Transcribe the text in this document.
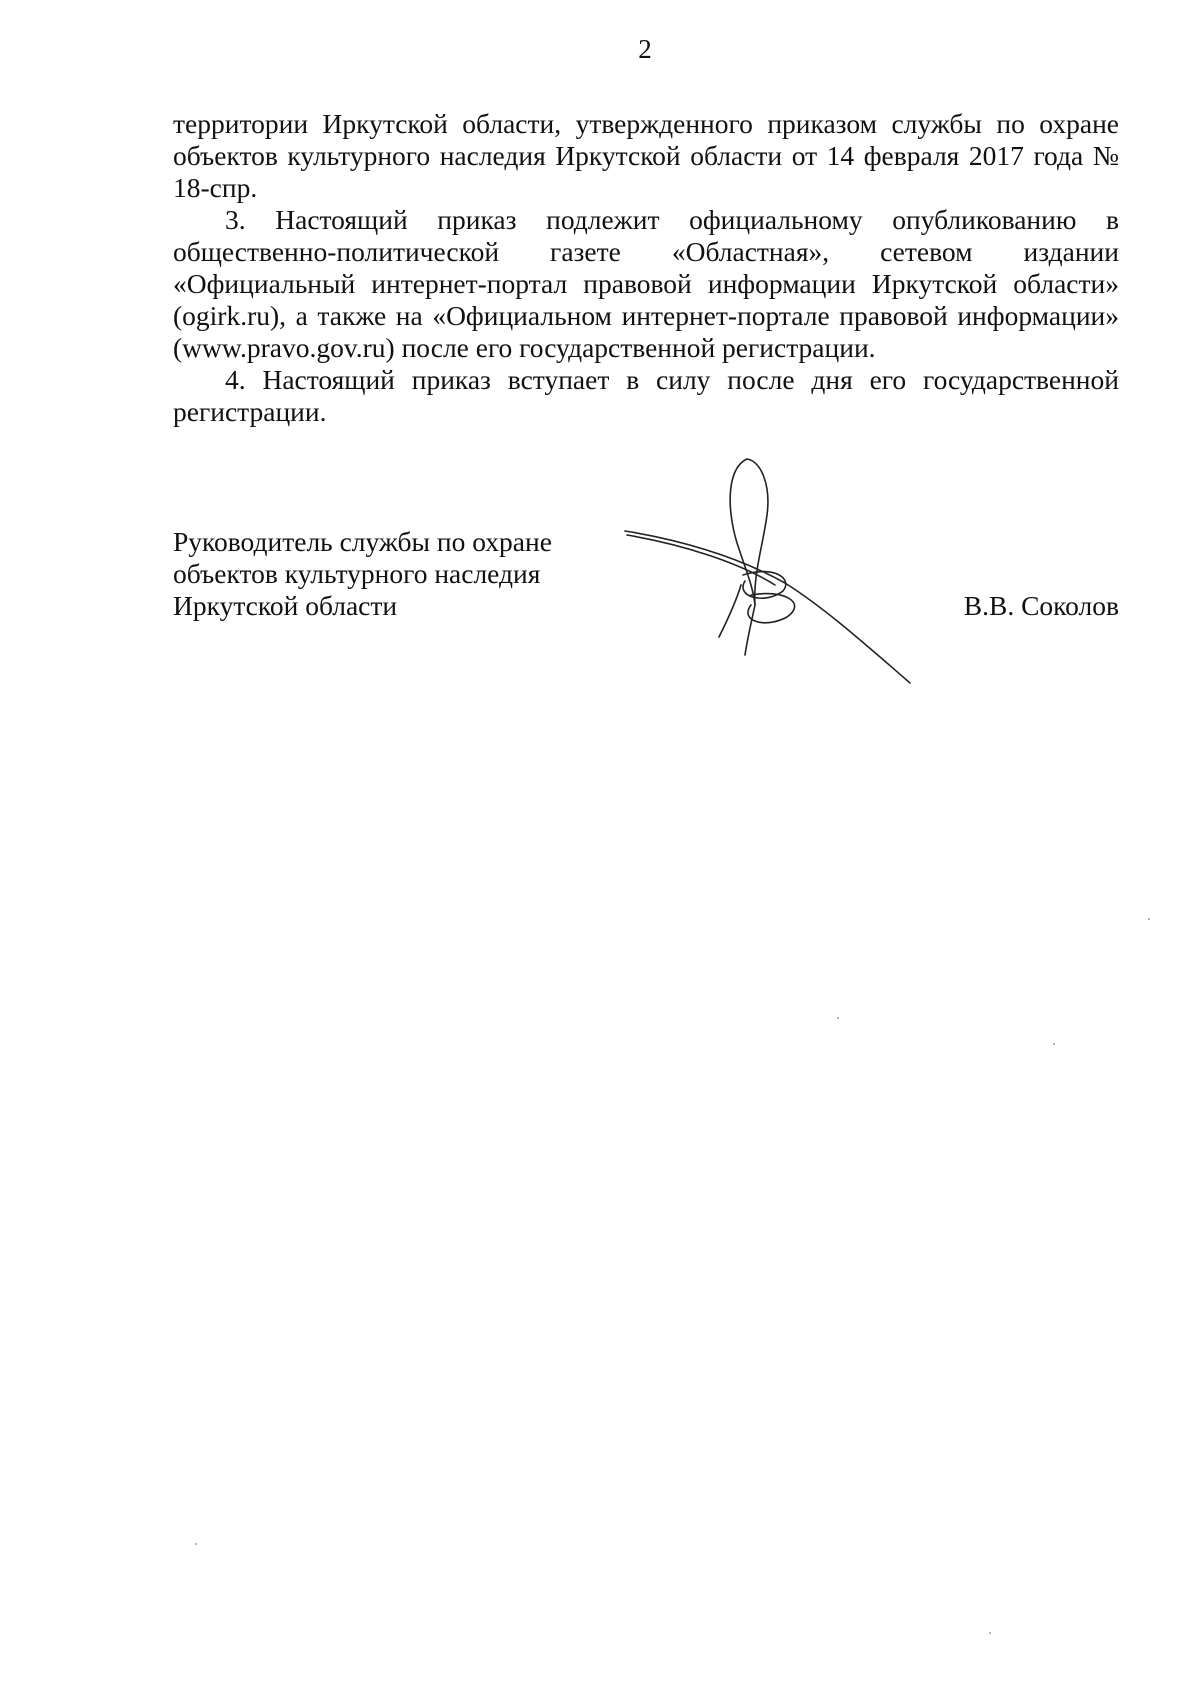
2

территории Иркутской области, утвержденного приказом службы по охране объектов культурного наследия Иркутской области от 14 февраля 2017 года № 18-спр.

3. Настоящий приказ подлежит официальному опубликованию в общественно-политической газете «Областная», сетевом издании «Официальный интернет-портал правовой информации Иркутской области» (ogirk.ru), а также на «Официальном интернет-портале правовой информации» (www.pravo.gov.ru) после его государственной регистрации.

4. Настоящий приказ вступает в силу после дня его государственной регистрации.

Руководитель службы по охране
объектов культурного наследия
Иркутской области	В.В. Соколов
